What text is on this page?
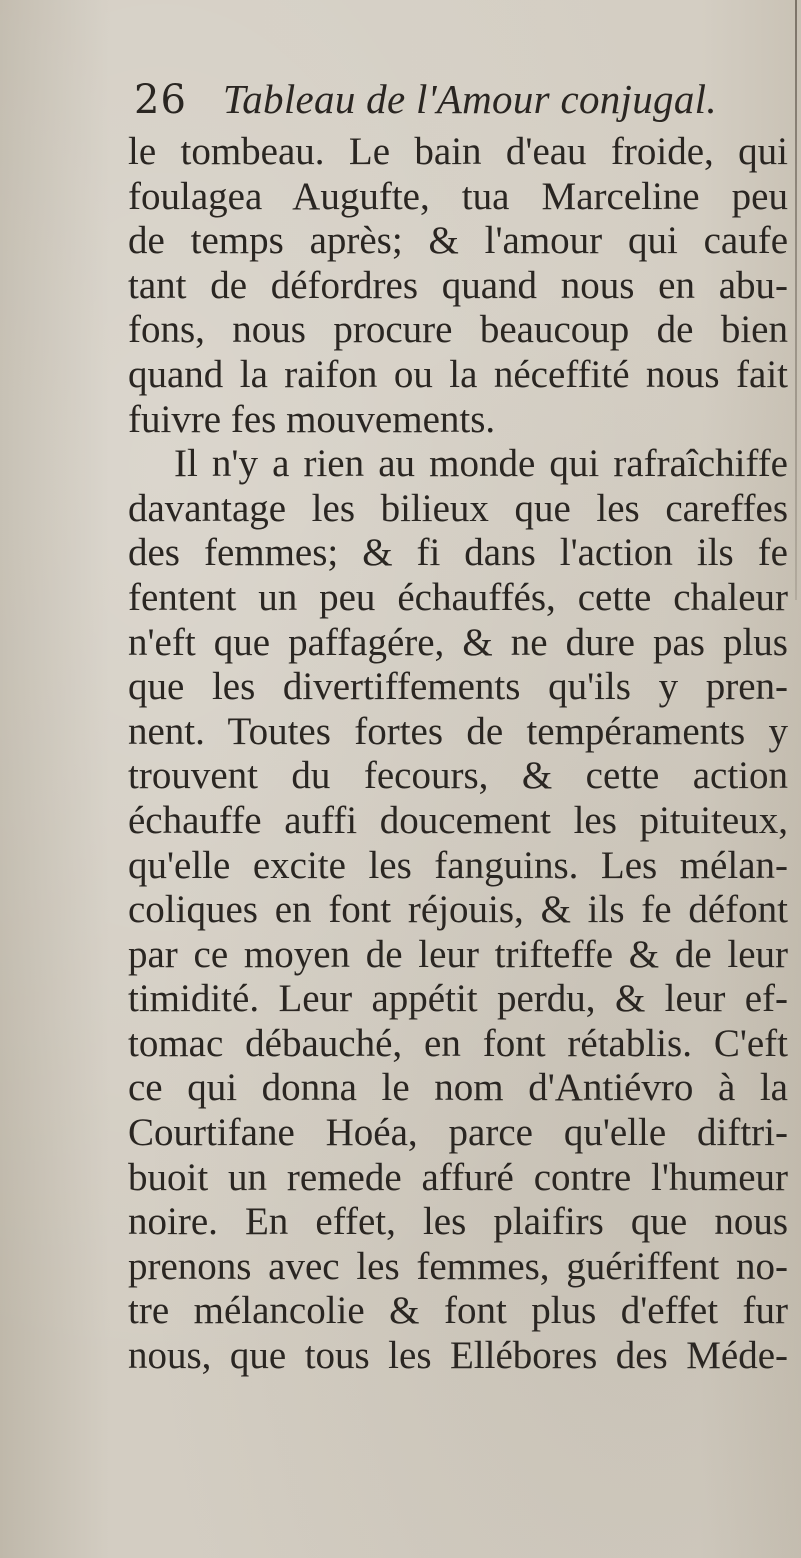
26 Tableau de l'Amour conjugal.
le tombeau. Le bain d'eau froide, qui
foulagea Augufte, tua Marceline peu
de temps après; & l'amour qui caufe
tant de défordres quand nous en abu-
fons, nous procure beaucoup de bien
quand la raifon ou la néceffité nous fait
fuivre fes mouvements.
Il n'y a rien au monde qui rafraîchiffe
davantage les bilieux que les careffes
des femmes; & fi dans l'action ils fe
fentent un peu échauffés, cette chaleur
n'eft que paffagére, & ne dure pas plus
que les divertiffements qu'ils y pren-
nent. Toutes fortes de tempéraments y
trouvent du fecours, & cette action
échauffe auffi doucement les pituiteux,
qu'elle excite les fanguins. Les mélan-
coliques en font réjouis, & ils fe défont
par ce moyen de leur trifteffe & de leur
timidité. Leur appétit perdu, & leur ef-
tomac débauché, en font rétablis. C'eft
ce qui donna le nom d'Antiévro à la
Courtifane Hoéa, parce qu'elle diftri-
buoit un remede affuré contre l'humeur
noire. En effet, les plaifirs que nous
prenons avec les femmes, guériffent no-
tre mélancolie & font plus d'effet fur
nous, que tous les Ellébores des Méde-
